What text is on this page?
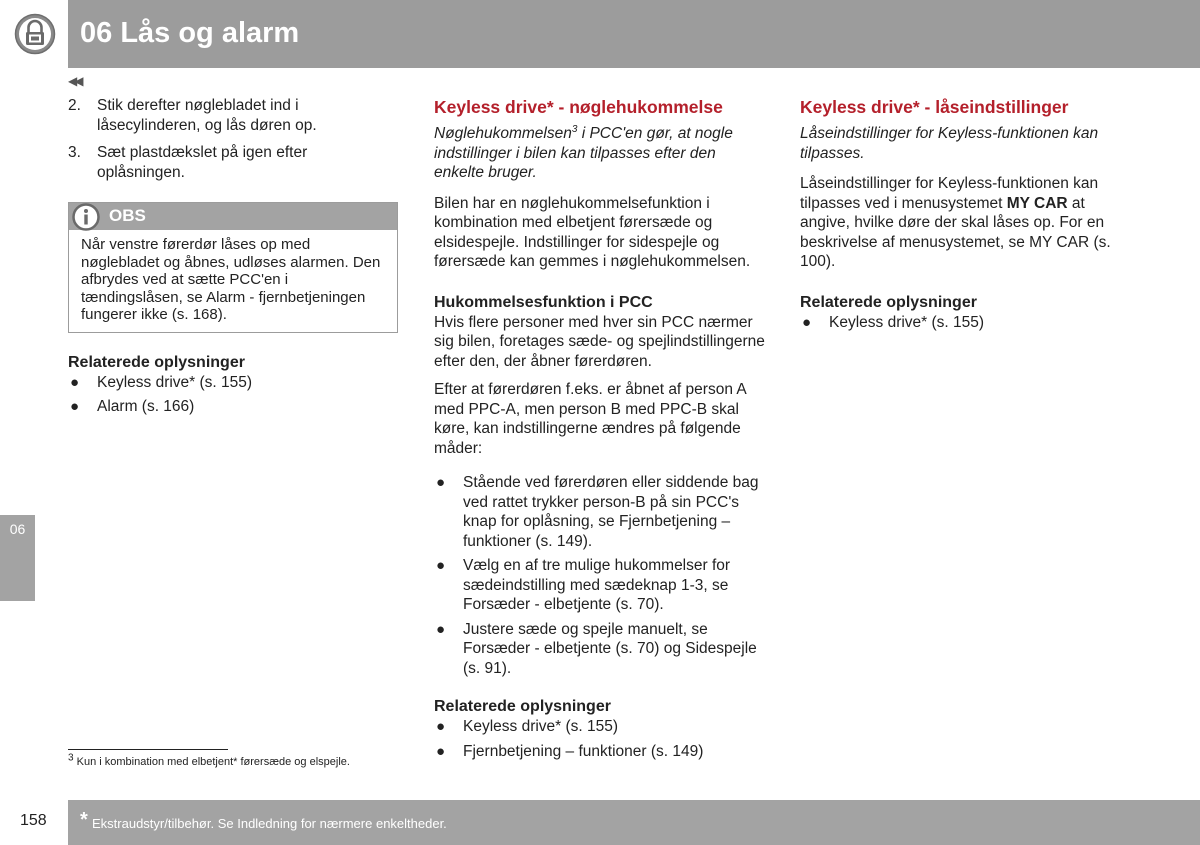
06 Lås og alarm
◀◀
06
2. Stik derefter nøglebladet ind i låsecylinderen, og lås døren op.
3. Sæt plastdækslet på igen efter oplåsningen.
OBS
Når venstre førerdør låses op med nøglebladet og åbnes, udløses alarmen. Den afbrydes ved at sætte PCC'en i tændingslåsen, se Alarm - fjernbetjeningen fungerer ikke (s. 168).
Relaterede oplysninger
● Keyless drive* (s. 155)
● Alarm (s. 166)
Keyless drive* - nøglehukommelse

Nøglehukommelsen$^3$ i PCC'en gør, at nogle indstillinger i bilen kan tilpasses efter den enkelte bruger.

Bilen har en nøglehukommelsefunktion i kombination med elbetjent førersæde og elsidespejle. Indstillinger for sidespejle og førersæde kan gemmes i nøglehukommelsen.

Hukommelsesfunktion i PCC

Hvis flere personer med hver sin PCC nærmer sig bilen, foretages sæde- og spejlindstillingerne efter den, der åbner førerdøren.

Efter at førerdøren f.eks. er åbnet af person A med PPC-A, men person B med PPC-B skal køre, kan indstillingerne ændres på følgende måder:

● Stående ved førerdøren eller siddende bag ved rattet trykker person-B på sin PCC's knap for oplåsning, se Fjernbetjening – funktioner (s. 149).
● Vælg en af tre mulige hukommelser for sædeindstilling med sædeknap 1-3, se Forsæder - elbetjente (s. 70).
● Justere sæde og spejle manuelt, se Forsæder - elbetjente (s. 70) og Sidespejle (s. 91).
Relaterede oplysninger
● Keyless drive* (s. 155)
● Fjernbetjening – funktioner (s. 149)
Keyless drive* - låseindstillinger

Låseindstillinger for Keyless-funktionen kan tilpasses.

Låseindstillinger for Keyless-funktionen kan tilpasses ved i menusystemet MY CAR at angive, hvilke døre der skal låses op. For en beskrivelse af menusystemet, se MY CAR (s. 100).

Relaterede oplysninger
● Keyless drive* (s. 155)
$^3$ Kun i kombination med elbetjent* førersæde og elspejle.
158 * Ekstraudstyr/tilbehør. Se Indledning for nærmere enkeltheder.
